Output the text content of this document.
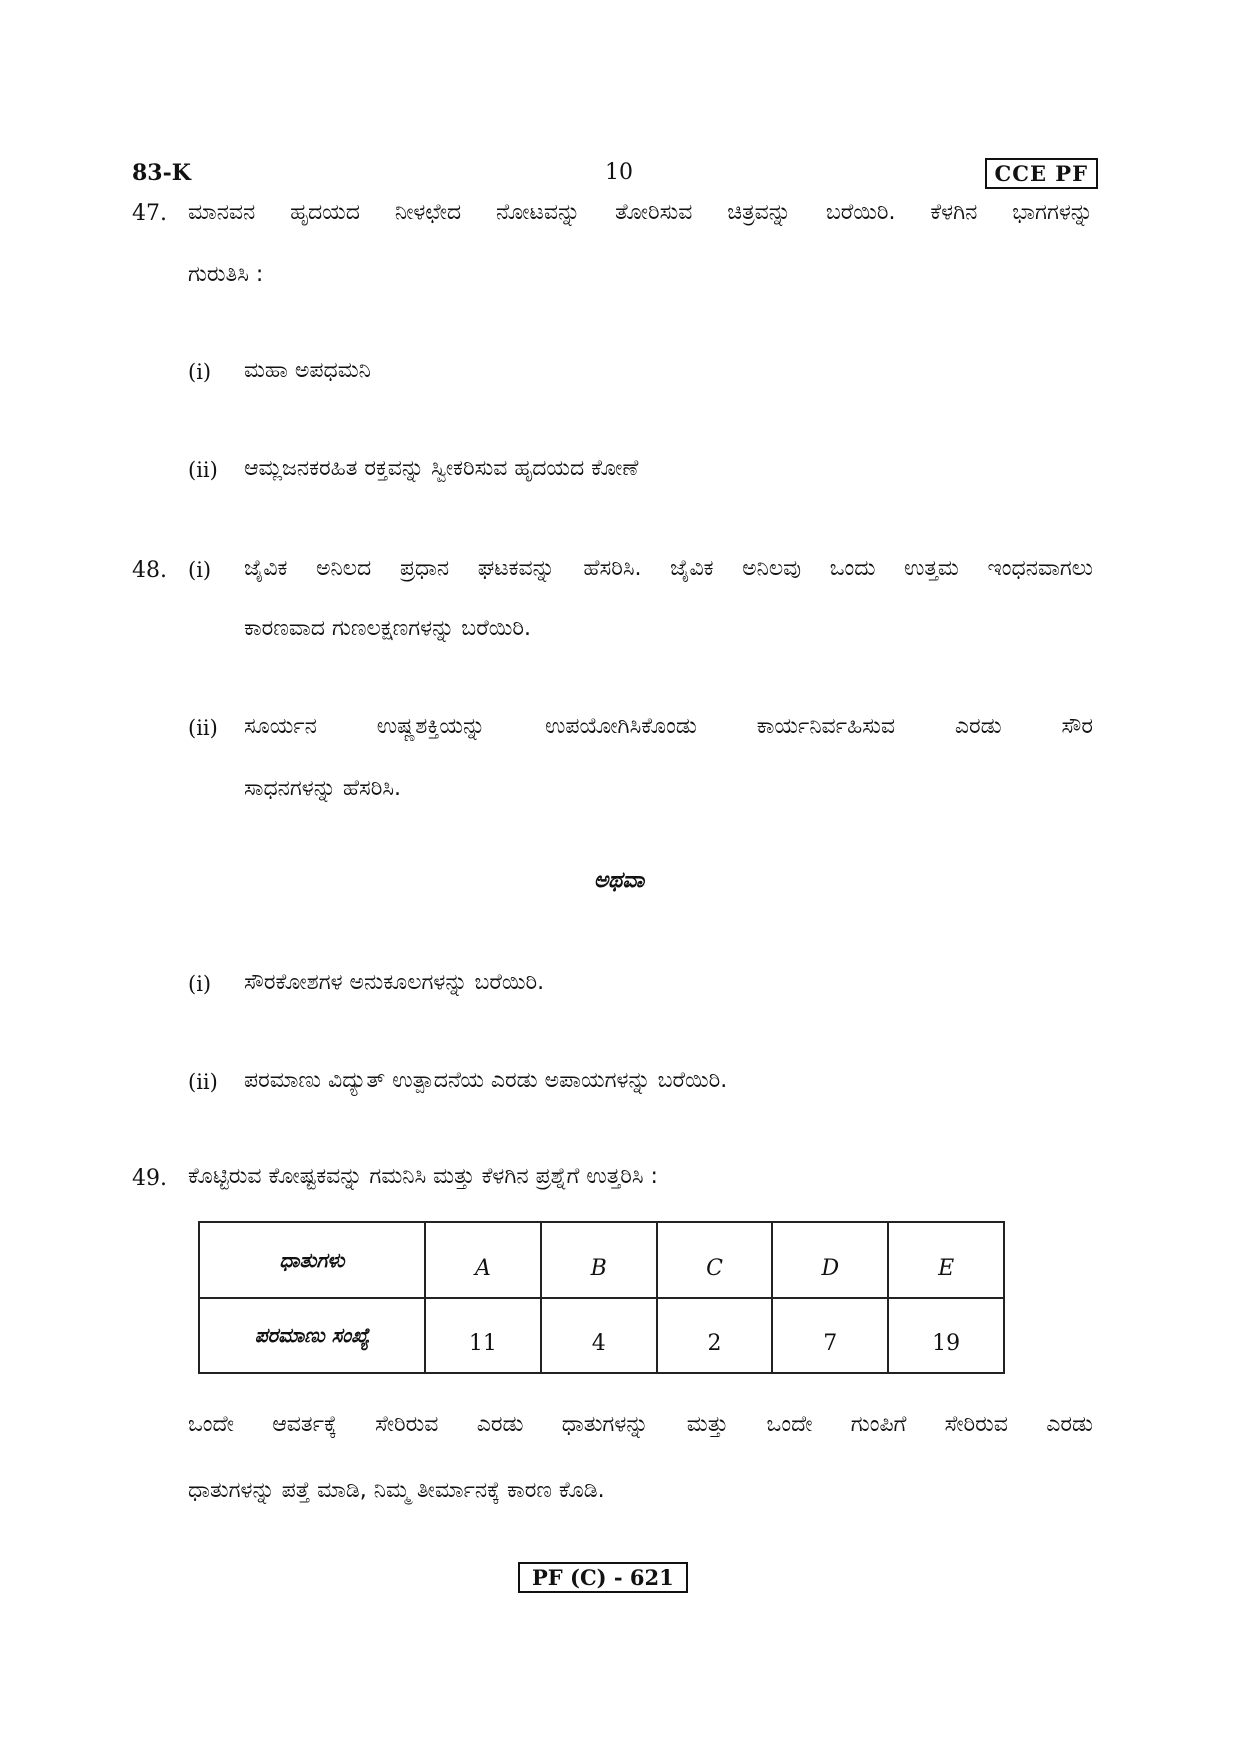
83-K	10	CCE PF
47. ಮಾನವನ ಹೃದಯದ ನೀಳಛೇದ ನೋಟವನ್ನು ತೋರಿಸುವ ಚಿತ್ರವನ್ನು ಬರೆಯಿರಿ. ಕೆಳಗಿನ ಭಾಗಗಳನ್ನು
ಗುರುತಿಸಿ :
(i) ಮಹಾ ಅಪಧಮನಿ
(ii) ಆಮ್ಲಜನಕರಹಿತ ರಕ್ತವನ್ನು ಸ್ವೀಕರಿಸುವ ಹೃದಯದ ಕೋಣೆ
48. (i) ಜೈವಿಕ ಅನಿಲದ ಪ್ರಧಾನ ಘಟಕವನ್ನು ಹೆಸರಿಸಿ. ಜೈವಿಕ ಅನಿಲವು ಒಂದು ಉತ್ತಮ ಇಂಧನವಾಗಲು
ಕಾರಣವಾದ ಗುಣಲಕ್ಷಣಗಳನ್ನು ಬರೆಯಿರಿ.
(ii) ಸೂರ್ಯನ ಉಷ್ಣಶಕ್ತಿಯನ್ನು ಉಪಯೋಗಿಸಿಕೊಂಡು ಕಾರ್ಯನಿರ್ವಹಿಸುವ ಎರಡು ಸೌರ
ಸಾಧನಗಳನ್ನು ಹೆಸರಿಸಿ.
ಅಥವಾ
(i) ಸೌರಕೋಶಗಳ ಅನುಕೂಲಗಳನ್ನು ಬರೆಯಿರಿ.
(ii) ಪರಮಾಣು ವಿದ್ಯುತ್ ಉತ್ಪಾದನೆಯ ಎರಡು ಅಪಾಯಗಳನ್ನು ಬರೆಯಿರಿ.
49. ಕೊಟ್ಟಿರುವ ಕೋಷ್ಟಕವನ್ನು ಗಮನಿಸಿ ಮತ್ತು ಕೆಳಗಿನ ಪ್ರಶ್ನೆಗೆ ಉತ್ತರಿಸಿ :
ಧಾತುಗಳು	A	B	C	D	E
ಪರಮಾಣು ಸಂಖ್ಯೆ	11	4	2	7	19
ಒಂದೇ ಆವರ್ತಕ್ಕೆ ಸೇರಿರುವ ಎರಡು ಧಾತುಗಳನ್ನು ಮತ್ತು ಒಂದೇ ಗುಂಪಿಗೆ ಸೇರಿರುವ ಎರಡು
ಧಾತುಗಳನ್ನು ಪತ್ತೆ ಮಾಡಿ, ನಿಮ್ಮ ತೀರ್ಮಾನಕ್ಕೆ ಕಾರಣ ಕೊಡಿ.
PF (C) - 621
